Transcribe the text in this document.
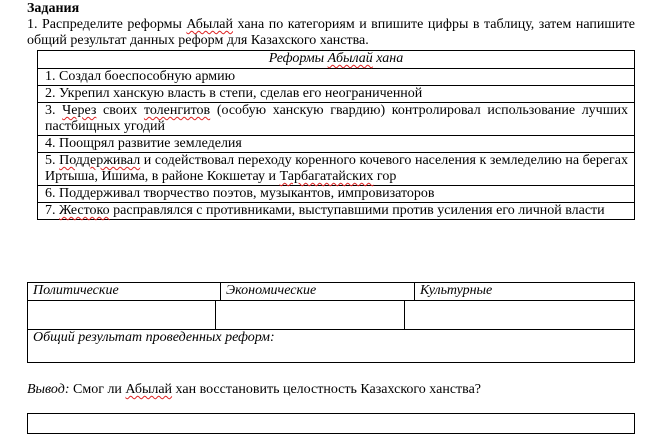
Задания
1. Распределите реформы Абылай хана по категориям и впишите цифры в таблицу, затем напишите общий результат данных реформ для Казахского ханства.
Реформы Абылай хана
1. Создал боеспособную армию
2. Укрепил ханскую власть в степи, сделав его неограниченной
3. Через своих толенгитов (особую ханскую гвардию) контролировал использование лучших пастбищных угодий
4. Поощрял развитие земледелия
5. Поддерживал и содействовал переходу коренного кочевого населения к земледелию на берегах Иртыша, Ишима, в районе Кокшетау и Тарбагатайских гор
6. Поддерживал творчество поэтов, музыкантов, импровизаторов
7. Жестоко расправлялся с противниками, выступавшими против усиления его личной власти
Политические	Экономические	Культурные
Общий результат проведенных реформ:
Вывод: Смог ли Абылай хан восстановить целостность Казахского ханства?
